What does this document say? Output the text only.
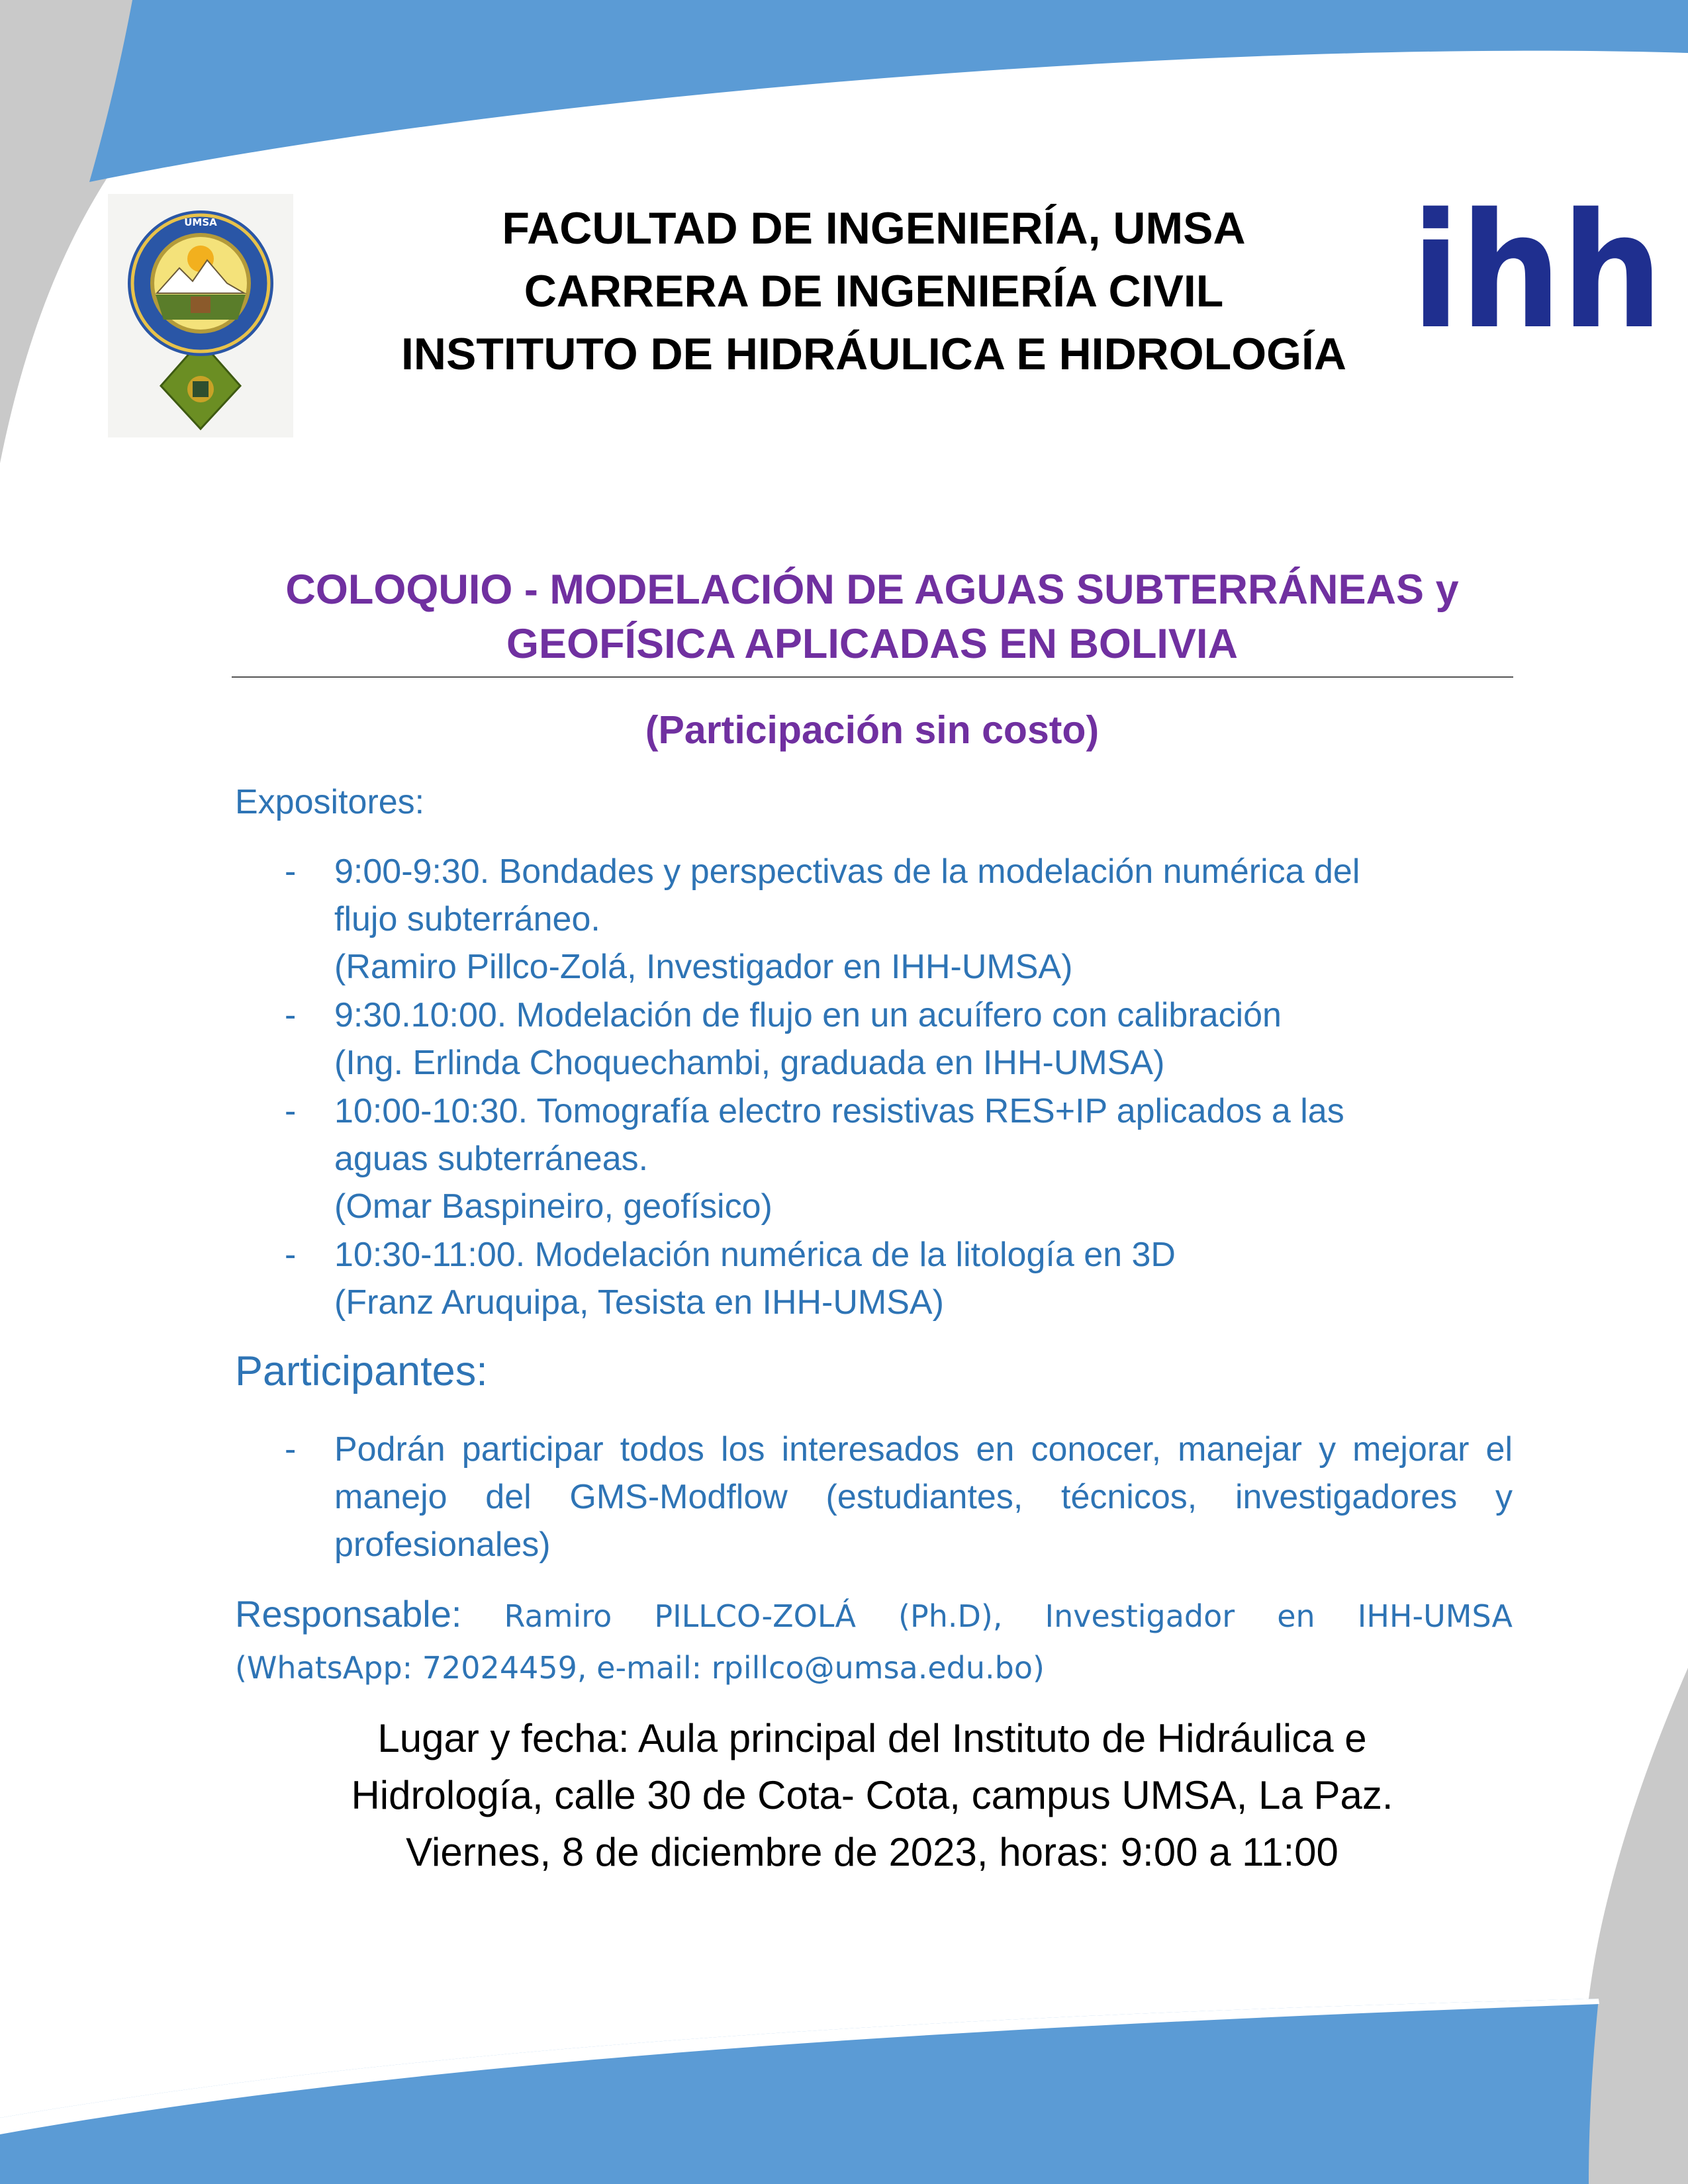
UMSA	ihh
FACULTAD DE INGENIERÍA, UMSA
CARRERA DE INGENIERÍA CIVIL
INSTITUTO DE HIDRÁULICA E HIDROLOGÍA
COLOQUIO - MODELACIÓN DE AGUAS SUBTERRÁNEAS y
GEOFÍSICA APLICADAS EN BOLIVIA
(Participación sin costo)
Expositores:
- 9:00-9:30. Bondades y perspectivas de la modelación numérica del
flujo subterráneo.
(Ramiro Pillco-Zolá, Investigador en IHH-UMSA)
- 9:30.10:00. Modelación de flujo en un acuífero con calibración
(Ing. Erlinda Choquechambi, graduada en IHH-UMSA)
- 10:00-10:30. Tomografía electro resistivas RES+IP aplicados a las
aguas subterráneas.
(Omar Baspineiro, geofísico)
- 10:30-11:00. Modelación numérica de la litología en 3D
(Franz Aruquipa, Tesista en IHH-UMSA)
Participantes:
- Podrán participar todos los interesados en conocer, manejar y mejorar el manejo del GMS-Modflow (estudiantes, técnicos, investigadores y profesionales)
Responsable: Ramiro PILLCO-ZOLÁ (Ph.D), Investigador en IHH-UMSA
(WhatsApp: 72024459, e-mail: rpillco@umsa.edu.bo)
Lugar y fecha: Aula principal del Instituto de Hidráulica e
Hidrología, calle 30 de Cota- Cota, campus UMSA, La Paz.
Viernes, 8 de diciembre de 2023, horas: 9:00 a 11:00
